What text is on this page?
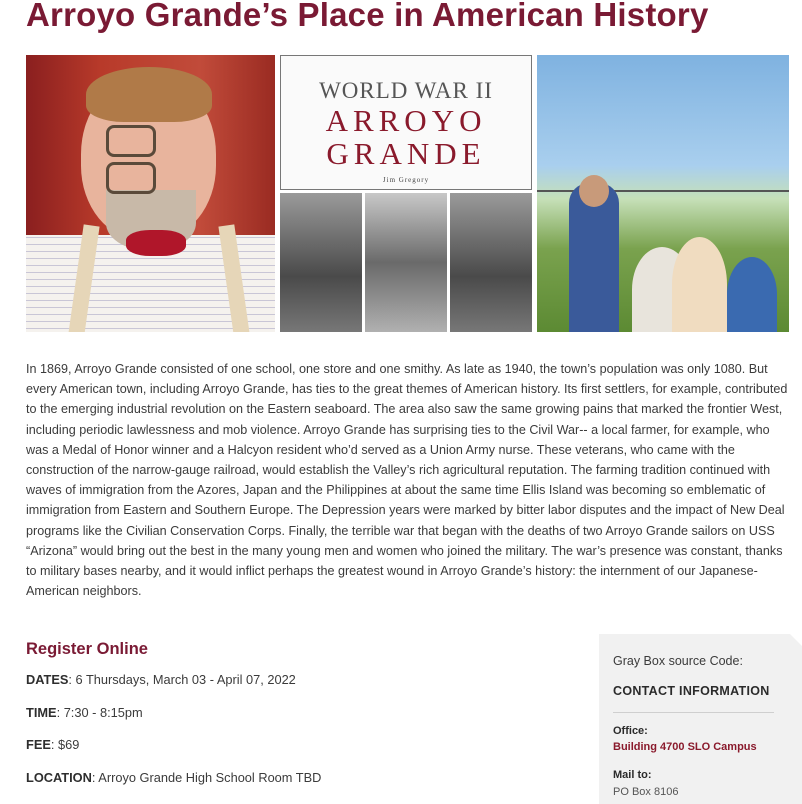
Arroyo Grande’s Place in American History
WORLD WAR II
ARROYO
GRANDE
Jim Gregory

In 1869, Arroyo Grande consisted of one school, one store and one smithy. As late as 1940, the town’s population was only 1080. But every American town, including Arroyo Grande, has ties to the great themes of American history. Its first settlers, for example, contributed to the emerging industrial revolution on the Eastern seaboard. The area also saw the same growing pains that marked the frontier West, including periodic lawlessness and mob violence. Arroyo Grande has surprising ties to the Civil War-- a local farmer, for example, who was a Medal of Honor winner and a Halcyon resident who’d served as a Union Army nurse. These veterans, who came with the construction of the narrow-gauge railroad, would establish the Valley’s rich agricultural reputation. The farming tradition continued with waves of immigration from the Azores, Japan and the Philippines at about the same time Ellis Island was becoming so emblematic of immigration from Eastern and Southern Europe. The Depression years were marked by bitter labor disputes and the impact of New Deal programs like the Civilian Conservation Corps. Finally, the terrible war that began with the deaths of two Arroyo Grande sailors on USS “Arizona” would bring out the best in the many young men and women who joined the military. The war’s presence was constant, thanks to military bases nearby, and it would inflict perhaps the greatest wound in Arroyo Grande’s history: the internment of our Japanese-American neighbors.

Register Online
DATES: 6 Thursdays, March 03 - April 07, 2022
TIME: 7:30 - 8:15pm
FEE: $69
LOCATION: Arroyo Grande High School Room TBD
Gray Box source Code:
CONTACT INFORMATION
Office:
Building 4700 SLO Campus
Mail to:
PO Box 8106
